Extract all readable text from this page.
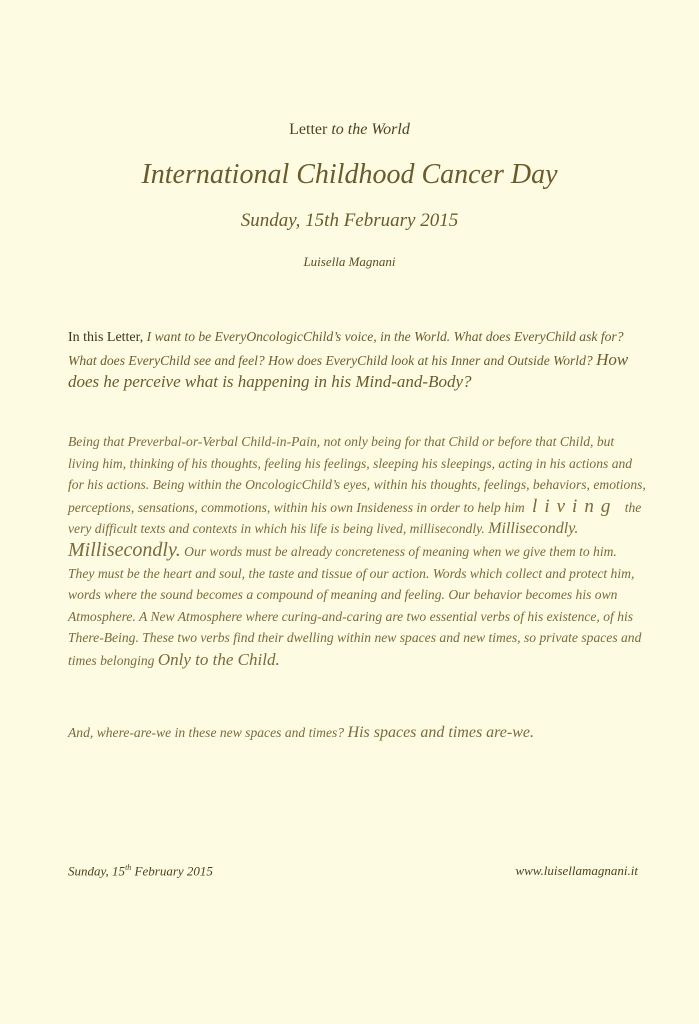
Letter to the World
International Childhood Cancer Day
Sunday, 15th February 2015
Luisella Magnani
In this Letter, I want to be EveryOncologicChild’s voice, in the World. What does EveryChild ask for? What does EveryChild see and feel? How does EveryChild look at his Inner and Outside World? How does he perceive what is happening in his Mind-and-Body?
Being that Preverbal-or-Verbal Child-in-Pain, not only being for that Child or before that Child, but living him, thinking of his thoughts, feeling his feelings, sleeping his sleepings, acting in his actions and for his actions. Being within the OncologicChild’s eyes, within his thoughts, feelings, behaviors, emotions, perceptions, sensations, commotions, within his own Insideness in order to help him living the very difficult texts and contexts in which his life is being lived, millisecondly. Millisecondly. Millisecondly. Our words must be already concreteness of meaning when we give them to him. They must be the heart and soul, the taste and tissue of our action. Words which collect and protect him, words where the sound becomes a compound of meaning and feeling. Our behavior becomes his own Atmosphere. A New Atmosphere where curing-and-caring are two essential verbs of his existence, of his There-Being. These two verbs find their dwelling within new spaces and new times, so private spaces and times belonging Only to the Child.
And, where-are-we in these new spaces and times? His spaces and times are-we.
Sunday, 15th February 2015	www.luisellamagnani.it
